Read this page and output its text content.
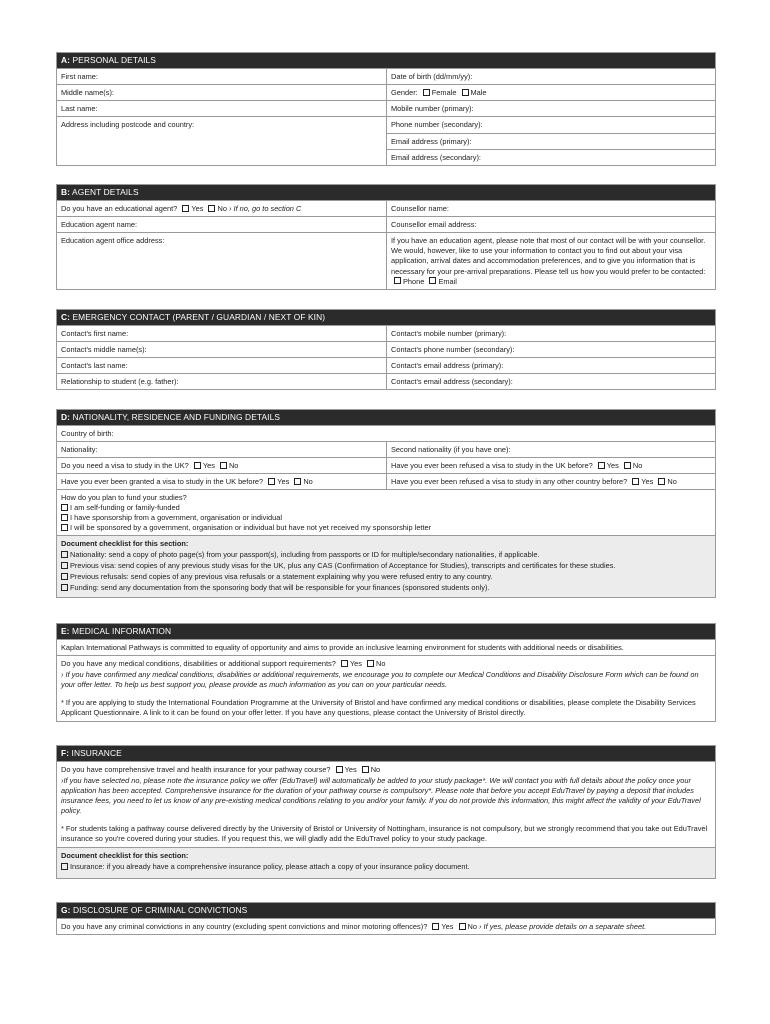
A: PERSONAL DETAILS
First name:	Date of birth (dd/mm/yy):
Middle name(s):	Gender: Female Male
Last name:	Mobile number (primary):
Address including postcode and country:	Phone number (secondary):
Email address (primary):
Email address (secondary):
B: AGENT DETAILS
Do you have an educational agent? Yes No › If no, go to section C	Counsellor name:
Education agent name:	Counsellor email address:
Education agent office address:	If you have an education agent, please note that most of our contact will be with your counsellor. We would, however, like to use your information to contact you to find out about your visa application, arrival dates and accommodation preferences, and to give you information that is necessary for your pre-arrival preparations. Please tell us how you would prefer to be contacted: Phone Email
C: EMERGENCY CONTACT (PARENT / GUARDIAN / NEXT OF KIN)
Contact's first name:	Contact's mobile number (primary):
Contact's middle name(s):	Contact's phone number (secondary):
Contact's last name:	Contact's email address (primary):
Relationship to student (e.g. father):	Contact's email address (secondary):
D: NATIONALITY, RESIDENCE AND FUNDING DETAILS
Country of birth:
Nationality:	Second nationality (if you have one):
Do you need a visa to study in the UK? Yes No	Have you ever been refused a visa to study in the UK before? Yes No
Have you ever been granted a visa to study in the UK before? Yes No	Have you ever been refused a visa to study in any other country before? Yes No
How do you plan to fund your studies?
I am self-funding or family-funded
I have sponsorship from a government, organisation or individual
I will be sponsored by a government, organisation or individual but have not yet received my sponsorship letter
Document checklist for this section:
Nationality: send a copy of photo page(s) from your passport(s), including from passports or ID for multiple/secondary nationalities, if applicable.
Previous visa: send copies of any previous study visas for the UK, plus any CAS (Confirmation of Acceptance for Studies), transcripts and certificates for these studies.
Previous refusals: send copies of any previous visa refusals or a statement explaining why you were refused entry to any country.
Funding: send any documentation from the sponsoring body that will be responsible for your finances (sponsored students only).
E: MEDICAL INFORMATION
Kaplan International Pathways is committed to equality of opportunity and aims to provide an inclusive learning environment for students with additional needs or disabilities.
Do you have any medical conditions, disabilities or additional support requirements? Yes No

› If you have confirmed any medical conditions, disabilities or additional requirements, we encourage you to complete our Medical Conditions and Disability Disclosure Form which can be found on your offer letter. To help us best support you, please provide as much information as you can on your particular needs.

* If you are applying to study the International Foundation Programme at the University of Bristol and have confirmed any medical conditions or disabilities, please complete the Disability Services Applicant Questionnaire. A link to it can be found on your offer letter. If you have any questions, please contact the University of Bristol directly.

F: INSURANCE
Do you have comprehensive travel and health insurance for your pathway course? Yes No

›If you have selected no, please note the insurance policy we offer (EduTravel) will automatically be added to your study package*. We will contact you with full details about the policy once your application has been accepted. Comprehensive insurance for the duration of your pathway course is compulsory*. Please note that before you accept EduTravel by paying a deposit that includes insurance fees, you need to let us know of any pre-existing medical conditions relating to you and/or your family. If you do not provide this information, this might affect the validity of your EduTravel policy.

* For students taking a pathway course delivered directly by the University of Bristol or University of Nottingham, insurance is not compulsory, but we strongly recommend that you take out EduTravel insurance so you're covered during your studies. If you request this, we will gladly add the EduTravel policy to your study package.

Document checklist for this section:
Insurance: if you already have a comprehensive insurance policy, please attach a copy of your insurance policy document.
G: DISCLOSURE OF CRIMINAL CONVICTIONS
Do you have any criminal convictions in any country (excluding spent convictions and minor motoring offences)? Yes No › If yes, please provide details on a separate sheet.
